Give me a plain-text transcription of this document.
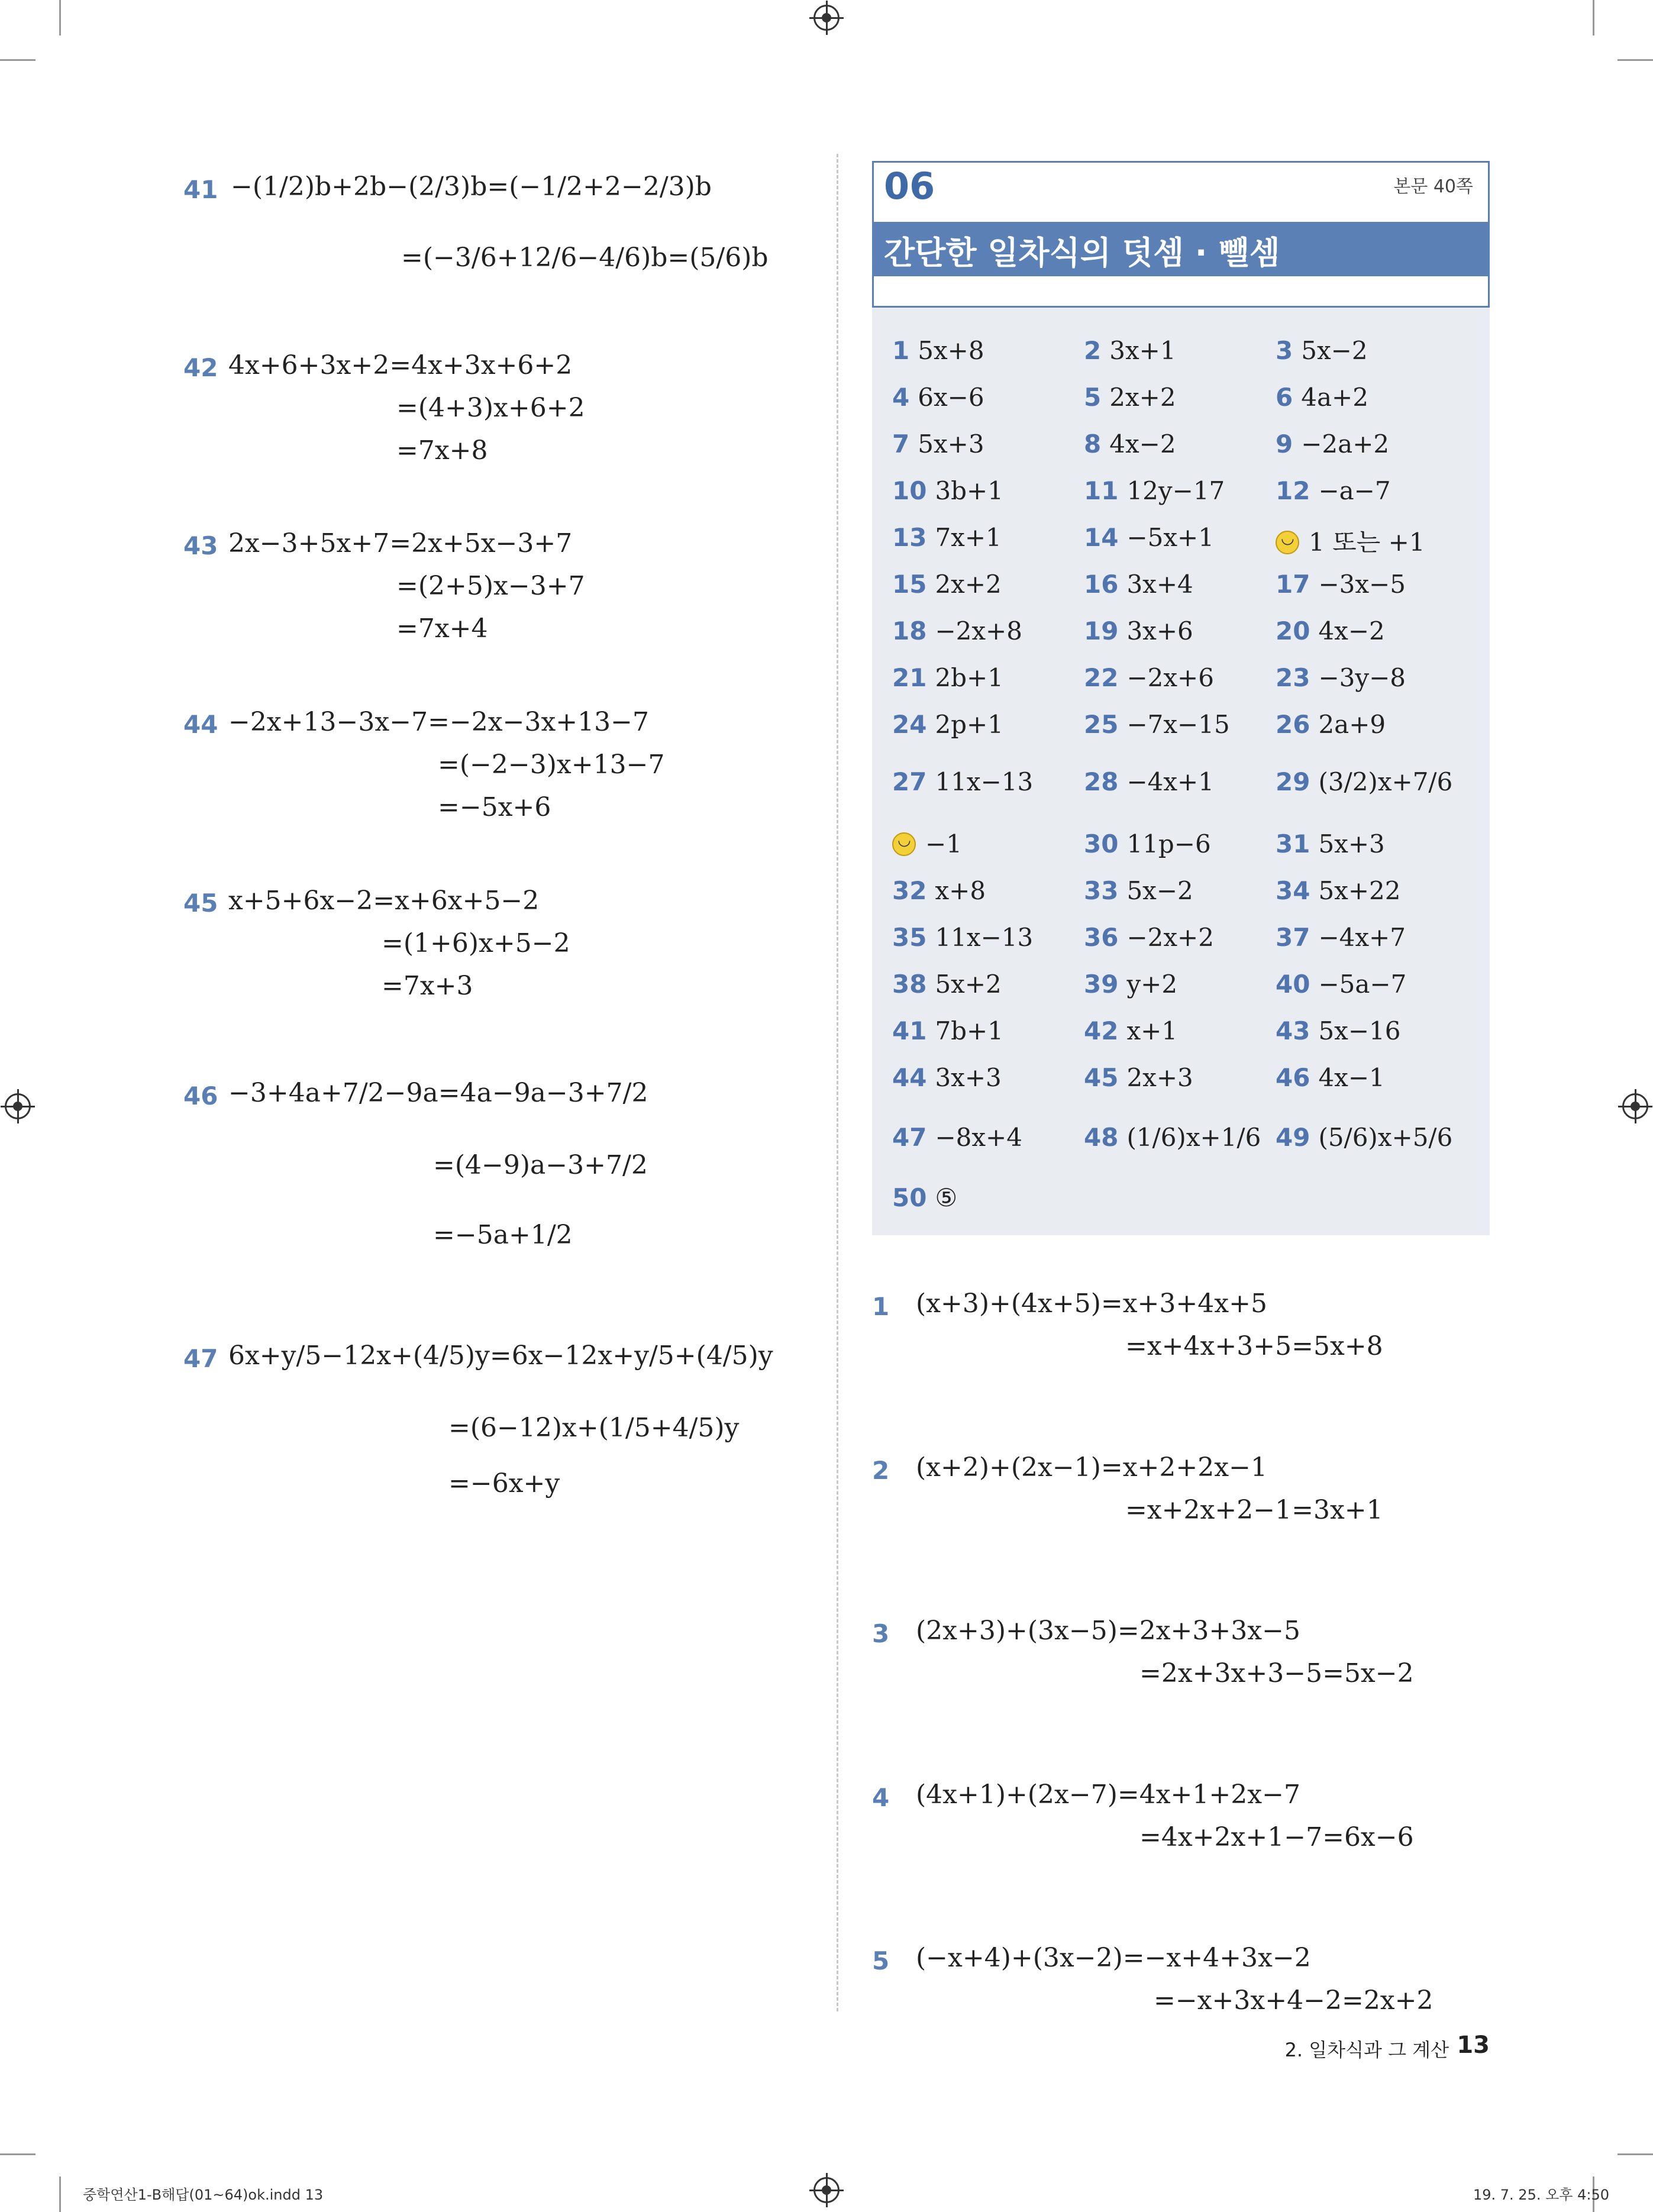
41 −(1/2)b+2b−(2/3)b=(−1/2+2−2/3)b
=(−3/6+12/6−4/6)b=(5/6)b
42 4x+6+3x+2=4x+3x+6+2
=(4+3)x+6+2
=7x+8
43 2x−3+5x+7=2x+5x−3+7
=(2+5)x−3+7
=7x+4
44 −2x+13−3x−7=−2x−3x+13−7
=(−2−3)x+13−7
=−5x+6
45 x+5+6x−2=x+6x+5−2
=(1+6)x+5−2
=7x+3
46 −3+4a+7/2−9a=4a−9a−3+7/2
=(4−9)a−3+7/2
=−5a+1/2
47 6x+y/5−12x+(4/5)y=6x−12x+y/5+(4/5)y
=(6−12)x+(1/5+4/5)y
=−6x+y
06	본문 40쪽
간단한 일차식의 덧셈 · 뺄셈
1 5x+8	2 3x+1	3 5x−2
4 6x−6	5 2x+2	6 4a+2
7 5x+3	8 4x−2	9 −2a+2
10 3b+1	11 12y−17 12 −a−7
13 7x+1	14 −5x+1
◡	1 또는 +1
15 2x+2	16 3x+4	17 −3x−5
18 −2x+8 19 3x+6	20 4x−2
21 2b+1	22 −2x+6 23 −3y−8
24 2p+1	25 −7x−15 26 2a+9
27 11x−13 28 −4x+1 29 (3/2)x+7/6
◡−1	30 11p−6	31 5x+3
32 x+8	33 5x−2	34 5x+22
35 11x−13 36 −2x+2 37 −4x+7
38 5x+2	39 y+2	40 −5a−7
41 7b+1	42 x+1	43 5x−16
44 3x+3	45 2x+3	46 4x−1
47 −8x+4 48 (1/6)x+1/6 49 (5/6)x+5/6
50 ⑤
1 (x+3)+(4x+5)=x+3+4x+5
=x+4x+3+5=5x+8
2 (x+2)+(2x−1)=x+2+2x−1
=x+2x+2−1=3x+1
3 (2x+3)+(3x−5)=2x+3+3x−5
=2x+3x+3−5=5x−2
4 (4x+1)+(2x−7)=4x+1+2x−7
=4x+2x+1−7=6x−6
5 (−x+4)+(3x−2)=−x+4+3x−2
=−x+3x+4−2=2x+2
2. 일차식과 그 계산 13
중학연산1-B해답(01~64)ok.indd 13	19. 7. 25. 오후 4:50
